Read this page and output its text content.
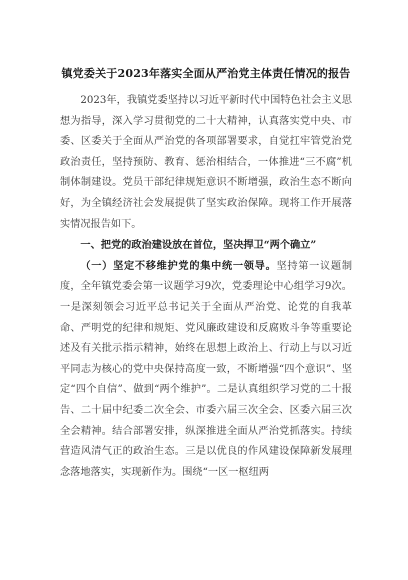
镇党委关于2023年落实全面从严治党主体责任情况的报告

2023年，我镇党委坚持以习近平新时代中国特色社会主义思想为指导，深入学习贯彻党的二十大精神，认真落实党中央、市委、区委关于全面从严治党的各项部署要求，自觉扛牢管党治党政治责任，坚持预防、教育、惩治相结合，一体推进“三不腐”机制体制建设。党员干部纪律规矩意识不断增强，政治生态不断向好，为全镇经济社会发展提供了坚实政治保障。现将工作开展落实情况报告如下。

一、把党的政治建设放在首位，坚决捍卫“两个确立”

（一）坚定不移维护党的集中统一领导。坚持第一议题制度，全年镇党委会第一议题学习9次，党委理论中心组学习9次。一是深刻领会习近平总书记关于全面从严治党、论党的自我革命、严明党的纪律和规矩、党风廉政建设和反腐败斗争等重要论述及有关批示指示精神，始终在思想上政治上、行动上与以习近平同志为核心的党中央保持高度一致，不断增强“四个意识”、坚定“四个自信”、做到“两个维护”。二是认真组织学习党的二十报告、二十届中纪委二次全会、市委六届三次全会、区委六届三次全会精神。结合部署安排，纵深推进全面从严治党抓落实。持续营造风清气正的政治生态。三是以优良的作风建设保障新发展理念落地落实，实现新作为。围绕“一区一枢纽两
